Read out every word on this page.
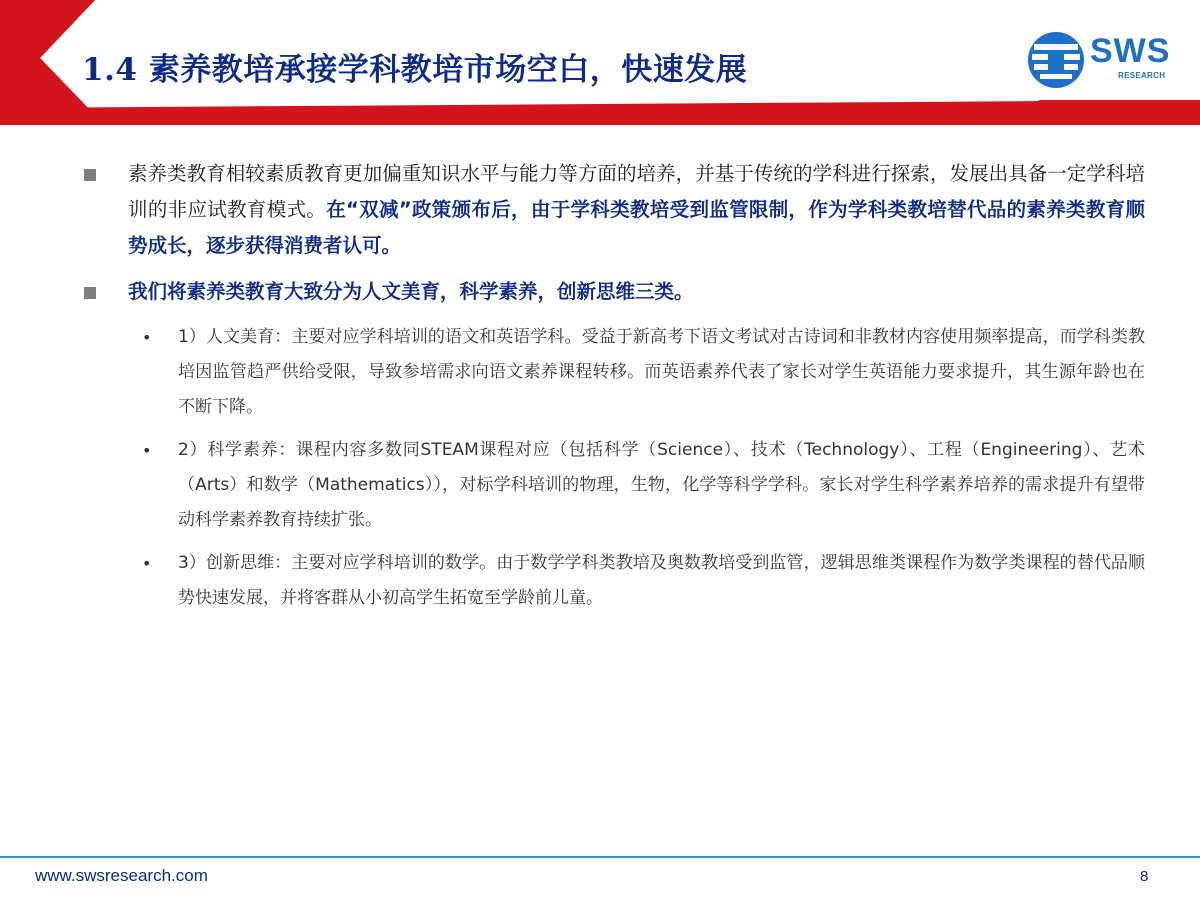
1.4 素养教培承接学科教培市场空白，快速发展	SWS
RESEARCH

素养类教育相较素质教育更加偏重知识水平与能力等方面的培养，并基于传统的学科进行探索，发展出具备一定学科培训的非应试教育模式。在“双减”政策颁布后，由于学科类教培受到监管限制，作为学科类教培替代品的素养类教育顺势成长，逐步获得消费者认可。

我们将素养类教育大致分为人文美育，科学素养，创新思维三类。

• 1）人文美育：主要对应学科培训的语文和英语学科。受益于新高考下语文考试对古诗词和非教材内容使用频率提高，而学科类教培因监管趋严供给受限，导致参培需求向语文素养课程转移。而英语素养代表了家长对学生英语能力要求提升，其生源年龄也在不断下降。

• 2）科学素养：课程内容多数同STEAM课程对应（包括科学（Science）、技术（Technology）、工程（Engineering）、艺术（Arts）和数学（Mathematics）），对标学科培训的物理，生物，化学等科学学科。家长对学生科学素养培养的需求提升有望带动科学素养教育持续扩张。

• 3）创新思维：主要对应学科培训的数学。由于数学学科类教培及奥数教培受到监管，逻辑思维类课程作为数学类课程的替代品顺势快速发展，并将客群从小初高学生拓宽至学龄前儿童。

www.swsresearch.com	8
